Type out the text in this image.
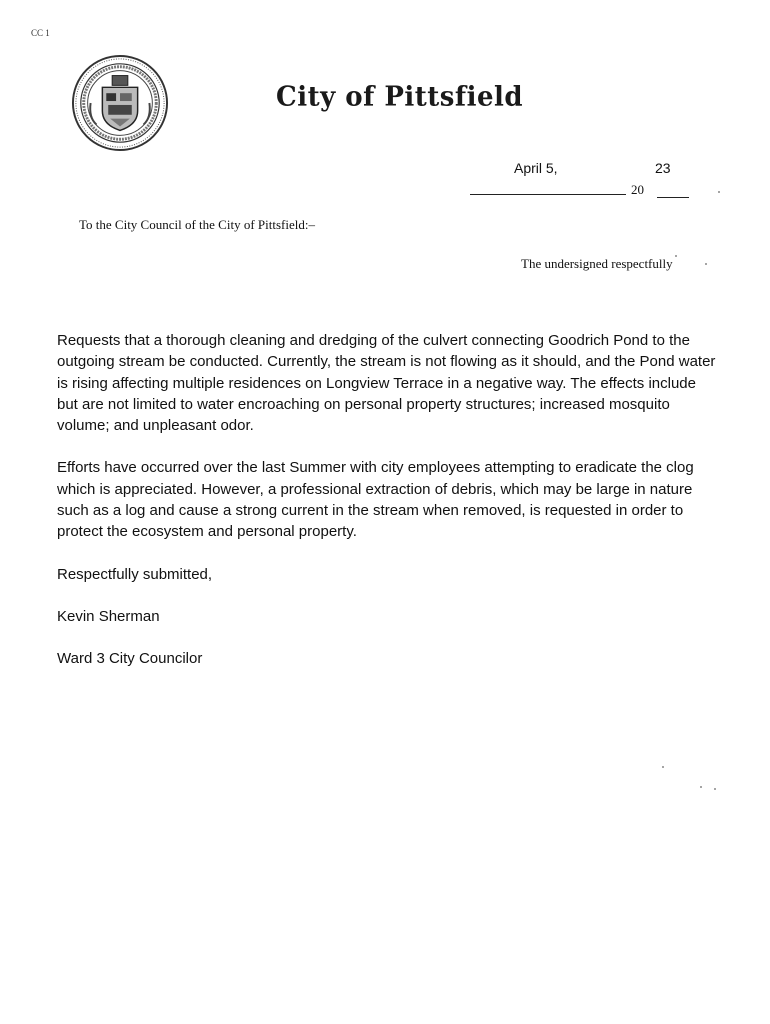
CC 1
City of Pittsfield
April 5,	23
20
To the City Council of the City of Pittsfield:–
The undersigned respectfully

Requests that a thorough cleaning and dredging of the culvert connecting Goodrich Pond to the outgoing stream be conducted. Currently, the stream is not flowing as it should, and the Pond water is rising affecting multiple residences on Longview Terrace in a negative way. The effects include but are not limited to water encroaching on personal property structures; increased mosquito volume; and unpleasant odor.

Efforts have occurred over the last Summer with city employees attempting to eradicate the clog which is appreciated. However, a professional extraction of debris, which may be large in nature such as a log and cause a strong current in the stream when removed, is requested in order to protect the ecosystem and personal property.

Respectfully submitted,

Kevin Sherman

Ward 3 City Councilor
